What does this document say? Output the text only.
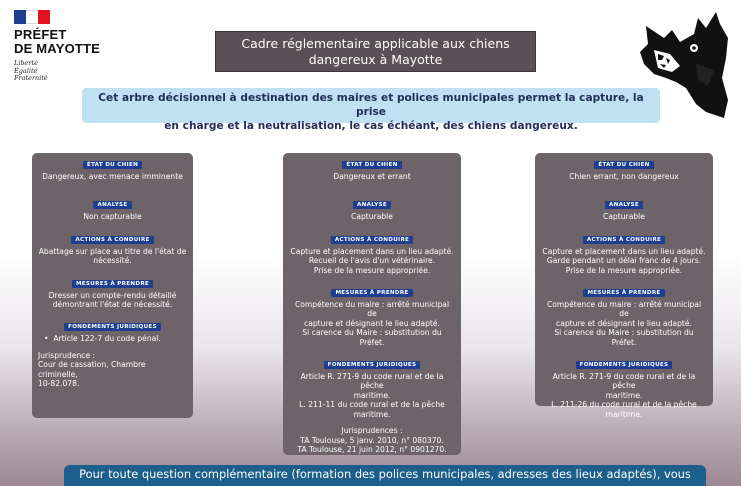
PRÉFET
DE MAYOTTE
Liberté
Égalité
Fraternité
Cadre réglementaire applicable aux chiens
dangereux à Mayotte
Cet arbre décisionnel à destination des maires et polices municipales permet la capture, la prise
en charge et la neutralisation, le cas échéant, des chiens dangereux.
ÉTAT DU CHIEN
Dangereux, avec menace imminente
ANALYSE
Non capturable
ACTIONS À CONDUIRE
Abattage sur place au titre de l'état de
nécessité.
MESURES À PRENDRE
Dresser un compte-rendu détaillé
démontrant l'état de nécessité.
FONDEMENTS JURIDIQUES
•  Article 122-7 du code pénal.
Jurisprudence :
Cour de cassation, Chambre criminelle,
10-82.078.
ÉTAT DU CHIEN
Dangereux et errant
ANALYSE
Capturable
ACTIONS À CONDUIRE
Capture et placement dans un lieu adapté.
Recueil de l'avis d'un vétérinaire.
Prise de la mesure appropriée.
MESURES À PRENDRE
Compétence du maire : arrêté municipal de
capture et désignant le lieu adapté.
Si carence du Maire : substitution du Préfet.
FONDEMENTS JURIDIQUES
Article R. 271-9 du code rural et de la pêche
maritime.
L. 211-11 du code rural et de la pêche
maritime.
Jurisprudences :
TA Toulouse, 5 janv. 2010, n° 080370.
TA Toulouse, 21 juin 2012, n° 0901270.
ÉTAT DU CHIEN
Chien errant, non dangereux
ANALYSE
Capturable
ACTIONS À CONDUIRE
Capture et placement dans un lieu adapté.
Garde pendant un délai franc de 4 jours.
Prise de la mesure appropriée.
MESURES À PRENDRE
Compétence du maire : arrêté municipal de
capture et désignant le lieu adapté.
Si carence du Maire : substitution du Préfet.
FONDEMENTS JURIDIQUES
Article R. 271-9 du code rural et de la pêche
maritime.
L. 211-26 du code rural et de la pêche
maritime.
Pour toute question complémentaire (formation des polices municipales, adresses des lieux adaptés), vous
